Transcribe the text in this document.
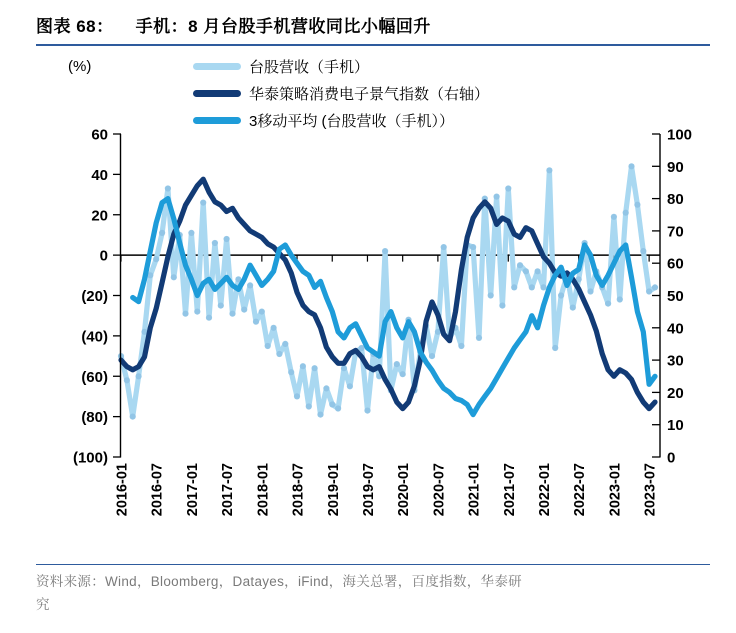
图表 68： 手机：8 月台股手机营收同比小幅回升
(%)	台股营收（手机）
华泰策略消费电子景气指数（右轴）
3移动平均 (台股营收（手机））
60
40
20
0
(20)
(40)
(60)
(80)
(100)
100
90
80
70
60
50
40
30
20
10
0
2016-01 2016-07 2017-01 2017-07 2018-01 2018-07 2019-01 2019-07 2020-01 2020-07 2021-01 2021-07 2022-01 2022-07 2023-01 2023-07
资料来源：Wind，Bloomberg，Datayes，iFind，海关总署，百度指数，华泰研
究
